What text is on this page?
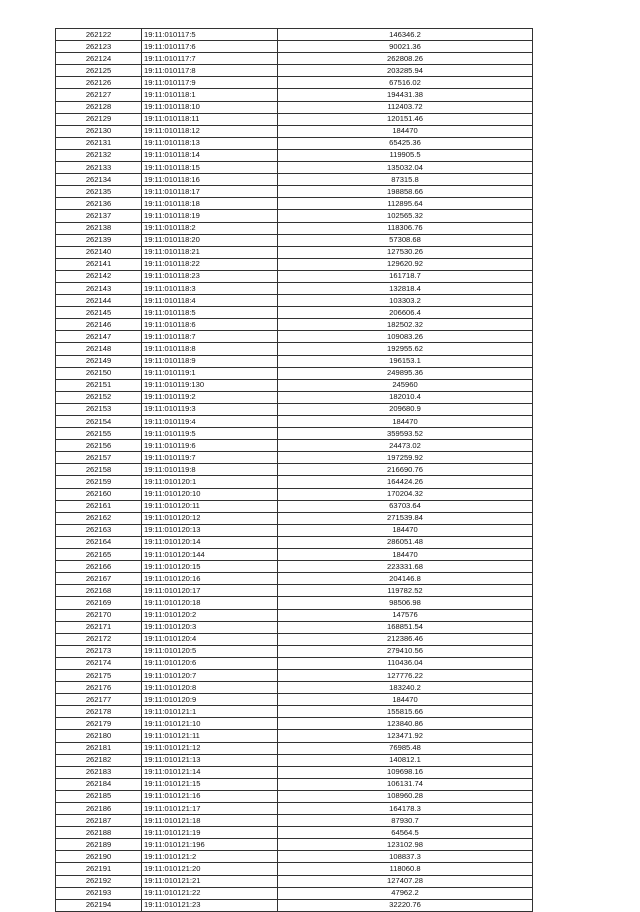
262122	19:11:010117:5	146346.2
262123	19:11:010117:6	90021.36
262124	19:11:010117:7	262808.26
262125	19:11:010117:8	203285.94
262126	19:11:010117:9	67516.02
262127	19:11:010118:1	194431.38
262128	19:11:010118:10	112403.72
262129	19:11:010118:11	120151.46
262130	19:11:010118:12	184470
262131	19:11:010118:13	65425.36
262132	19:11:010118:14	119905.5
262133	19:11:010118:15	135032.04
262134	19:11:010118:16	87315.8
262135	19:11:010118:17	198858.66
262136	19:11:010118:18	112895.64
262137	19:11:010118:19	102565.32
262138	19:11:010118:2	118306.76
262139	19:11:010118:20	57308.68
262140	19:11:010118:21	127530.26
262141	19:11:010118:22	129620.92
262142	19:11:010118:23	161718.7
262143	19:11:010118:3	132818.4
262144	19:11:010118:4	103303.2
262145	19:11:010118:5	206606.4
262146	19:11:010118:6	182502.32
262147	19:11:010118:7	109083.26
262148	19:11:010118:8	192955.62
262149	19:11:010118:9	196153.1
262150	19:11:010119:1	249895.36
262151	19:11:010119:130	245960
262152	19:11:010119:2	182010.4
262153	19:11:010119:3	209680.9
262154	19:11:010119:4	184470
262155	19:11:010119:5	359593.52
262156	19:11:010119:6	24473.02
262157	19:11:010119:7	197259.92
262158	19:11:010119:8	216690.76
262159	19:11:010120:1	164424.26
262160	19:11:010120:10	170204.32
262161	19:11:010120:11	63703.64
262162	19:11:010120:12	271539.84
262163	19:11:010120:13	184470
262164	19:11:010120:14	286051.48
262165	19:11:010120:144	184470
262166	19:11:010120:15	223331.68
262167	19:11:010120:16	204146.8
262168	19:11:010120:17	119782.52
262169	19:11:010120:18	98506.98
262170	19:11:010120:2	147576
262171	19:11:010120:3	168851.54
262172	19:11:010120:4	212386.46
262173	19:11:010120:5	279410.56
262174	19:11:010120:6	110436.04
262175	19:11:010120:7	127776.22
262176	19:11:010120:8	183240.2
262177	19:11:010120:9	184470
262178	19:11:010121:1	155815.66
262179	19:11:010121:10	123840.86
262180	19:11:010121:11	123471.92
262181	19:11:010121:12	76985.48
262182	19:11:010121:13	140812.1
262183	19:11:010121:14	109698.16
262184	19:11:010121:15	106131.74
262185	19:11:010121:16	108960.28
262186	19:11:010121:17	164178.3
262187	19:11:010121:18	87930.7
262188	19:11:010121:19	64564.5
262189	19:11:010121:196	123102.98
262190	19:11:010121:2	108837.3
262191	19:11:010121:20	118060.8
262192	19:11:010121:21	127407.28
262193	19:11:010121:22	47962.2
262194	19:11:010121:23	32220.76
